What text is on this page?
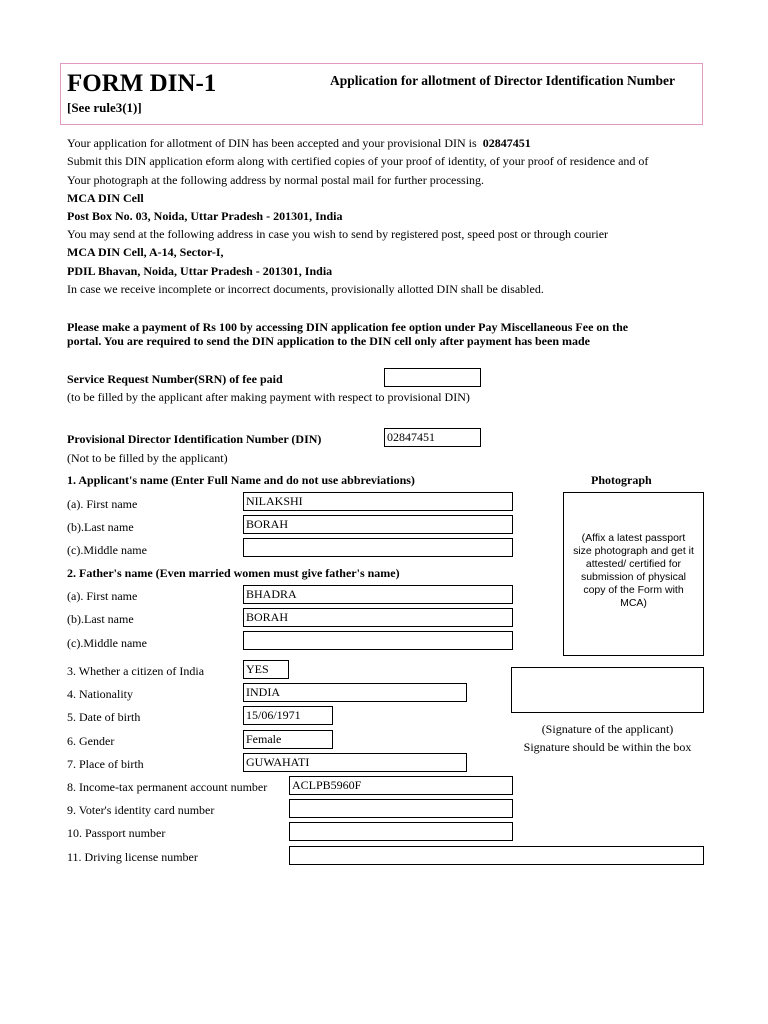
FORM DIN-1
[See rule3(1)]
Application for allotment of Director Identification Number
Your application for allotment of DIN has been accepted and your provisional DIN is 02847451
Submit this DIN application eform along with certified copies of your proof of identity, of your proof of residence and of
Your photograph at the following address by normal postal mail for further processing.
MCA DIN Cell
Post Box No. 03, Noida, Uttar Pradesh - 201301, India
You may send at the following address in case you wish to send by registered post, speed post or through courier
MCA DIN Cell, A-14, Sector-I,
PDIL Bhavan, Noida, Uttar Pradesh - 201301, India
In case we receive incomplete or incorrect documents, provisionally allotted DIN shall be disabled.
Please make a payment of Rs 100 by accessing DIN application fee option under Pay Miscellaneous Fee on the
portal. You are required to send the DIN application to the DIN cell only after payment has been made
Service Request Number(SRN) of fee paid
(to be filled by the applicant after making payment with respect to provisional DIN)
Provisional Director Identification Number (DIN)	02847451
(Not to be filled by the applicant)
1. Applicant's name (Enter Full Name and do not use abbreviations)	Photograph
(a). First name	NILAKSHI
(b).Last name	BORAH
(c).Middle name
(Affix a latest passport size photograph and get it attested/ certified for submission of physical copy of the Form with MCA)
2. Father's name (Even married women must give father's name)
(a). First name	BHADRA
(b).Last name	BORAH
(c).Middle name
3. Whether a citizen of India	YES
4. Nationality	INDIA
5. Date of birth	15/06/1971
6. Gender	Female
7. Place of birth	GUWAHATI
8. Income-tax permanent account number ACLPB5960F
9. Voter's identity card number
10. Passport number
11. Driving license number
(Signature of the applicant)
Signature should be within the box
